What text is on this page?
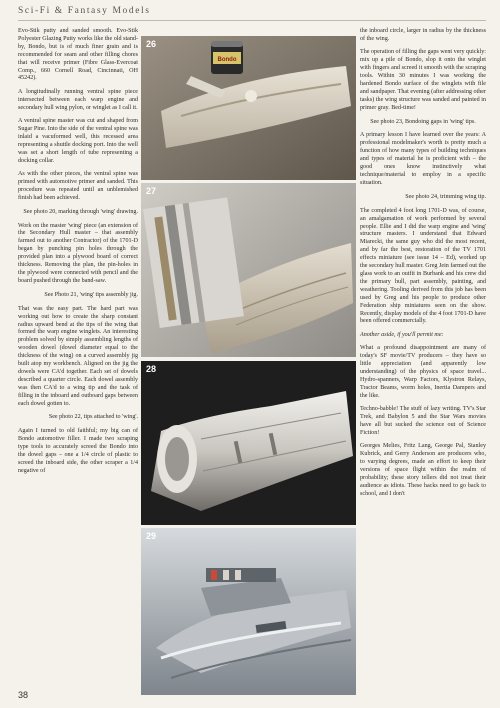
Sci-Fi & Fantasy Models

Evo-Stik putty and sanded smooth. Evo-Stik Polyester Glazing Putty works like the old stand-by, Bondo, but is of much finer grain and is recommended for seam and other filling chores that will receive primer (Fibre Glass-Evercoat Comp., 660 Cornell Road, Cincinnati, OH 45242).

A longitudinally running ventral spine piece intersected between each warp engine and secondary hull wing pylon, or winglet as I call it.

A ventral spine master was cut and shaped from Sugar Pine. Into the side of the ventral spine was inlaid a vacuformed well, this recessed area representing a shuttle docking port. Into the well was set a short length of tube representing a docking collar.

As with the other pieces, the ventral spine was primed with automotive primer and sanded. This procedure was repeated until an unblemished finish had been achieved.

See photo 20, marking through 'wing' drawing.

Work on the master 'wing' piece (an extension of the Secondary Hull master – that assembly farmed out to another Contractor) of the 1701-D began by punching pin holes through the provided plan into a plywood board of correct thickness. Removing the plan, the pin-holes in the plywood were connected with pencil and the board pushed through the band-saw.

See Photo 21, 'wing' tips assembly jig.

That was the easy part. The hard part was working out how to create the sharp constant radius upward bend at the tips of the wing that formed the warp engine winglets. An interesting problem solved by simply assembling lengths of wooden dowel (dowel diameter equal to the thickness of the wing) on a curved assembly jig built atop my workbench. Aligned on the jig the dowels were CA'd together. Each set of dowels described a quarter circle. Each dowel assembly was then CA'd to a wing tip and the task of filling in the inboard and outboard gaps between each dowel gotten to.

See photo 22, tips attached to 'wing'.

Again I turned to old faithful; my big can of Bondo automotive filler. I made two scraping type tools to accurately screed the Bondo into the dowel gaps – one a 1/4 circle of plastic to screed the inboard side, the other scraper a 1/4 negative of

Bondo
26
27
28
29

the inboard circle, larger in radius by the thickness of the wing.

The operation of filling the gaps went very quickly: mix up a pile of Bondo, slop it onto the winglet with fingers and screed it smooth with the scraping tools. Within 30 minutes I was working the hardened Bondo surface of the winglets with file and sandpaper. That evening (after addressing other tasks) the wing structure was sanded and painted in primer gray. Bed-time!

See photo 23, Bondoing gaps in 'wing' tips.

A primary lesson I have learned over the years: A professional modelmaker's worth is pretty much a function of how many types of building techniques and types of material he is proficient with – the good ones know instinctively what technique/material to employ in a specific situation.

See photo 24, trimming wing tip.

The completed 4 foot long 1701-D was, of course, an amalgamation of work performed by several people. Ellie and I did the warp engine and 'wing' structure masters. I understand that Edward Miarecki, the same guy who did the most recent, and by far the best, restoration of the TV 1701 effects miniature (see issue 14 – Ed), worked up the secondary hull master. Greg Jein farmed out the glass work to an outfit in Burbank and his crew did the primary hull, part assembly, painting, and weathering. Tooling derived from this job has been used by Greg and his people to produce other Federation ship miniatures seen on the show. Recently, display models of the 4 foot 1701-D have been offered commercially.

Another aside, if you'll permit me:

What a profound disappointment are many of today's SF movie/TV producers – they have so little appreciation (and apparently low understanding) of the physics of space travel... Hydro-spanners, Warp Factors, Klystron Relays, Tractor Beams, worm holes, Inertia Dampers and the like.

Techno-babble! The stuff of lazy writing. TV's Star Trek, and Babylon 5 and the Star Wars movies have all but sucked the science out of Science Fiction!

Georges Melies, Fritz Lang, George Pal, Stanley Kubrick, and Gerry Anderson are producers who, to varying degrees, made an effort to keep their versions of space flight within the realm of probability; these story tellers did not treat their audience as idiots. These hacks need to go back to school, and I don't

38
